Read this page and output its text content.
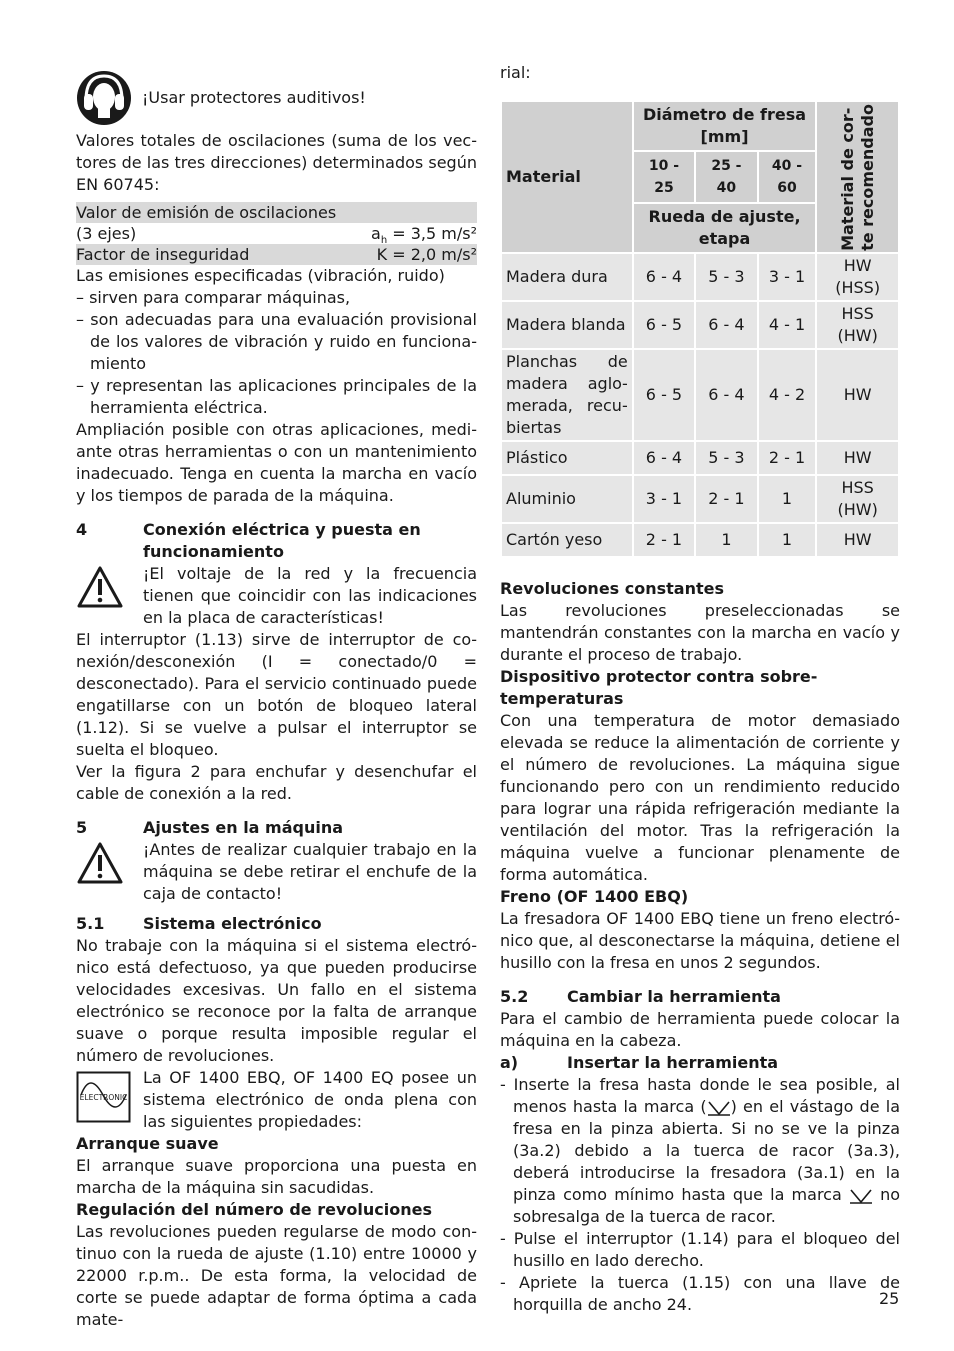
¡Usar protectores auditivos!

Valores totales de oscilaciones (suma de los vectores de las tres direcciones) determinados según EN 60745:

Valor de emisión de oscilaciones
(3 ejes)	$a_h = 3,5$ m/s²
Factor de inseguridad	K = 2,0 m/s²

Las emisiones especificadas (vibración, ruido)

– sirven para comparar máquinas,

– son adecuadas para una evaluación provisional de los valores de vibración y ruido en funcionamiento

– y representan las aplicaciones principales de la herramienta eléctrica.

Ampliación posible con otras aplicaciones, mediante otras herramientas o con un mantenimiento inadecuado. Tenga en cuenta la marcha en vacío y los tiempos de parada de la máquina.

4	Conexión eléctrica y puesta en funcionamiento

¡El voltaje de la red y la frecuencia tienen que coincidir con las indicaciones en la placa de características!

El interruptor (1.13) sirve de interruptor de conexión/desconexión (I = conectado/0 = desconectado). Para el servicio continuado puede engatillarse con un botón de bloqueo lateral (1.12). Si se vuelve a pulsar el interruptor se suelta el bloqueo.

Ver la figura 2 para enchufar y desenchufar el cable de conexión a la red.

5	Ajustes en la máquina

¡Antes de realizar cualquier trabajo en la máquina se debe retirar el enchufe de la caja de contacto!

5.1	Sistema electrónico

No trabaje con la máquina si el sistema electrónico está defectuoso, ya que pueden producirse velocidades excesivas. Un fallo en el sistema electrónico se reconoce por la falta de arranque suave o porque resulta imposible regular el número de revoluciones.

ELECTRONIC

La OF 1400 EBQ, OF 1400 EQ posee un sistema electrónico de onda plena con las siguientes propiedades:

Arranque suave

El arranque suave proporciona una puesta en marcha de la máquina sin sacudidas.

Regulación del número de revoluciones

Las revoluciones pueden regularse de modo continuo con la rueda de ajuste (1.10) entre 10000 y 22000 r.p.m.. De esta forma, la velocidad de corte se puede adaptar de forma óptima a cada mate-

rial:

Material	Diámetro de fresa [mm]			Material de cor-
te recomendado

	10 - 25	25 - 40	40 - 60	
	Rueda de ajuste, etapa			
Madera dura	6 - 4	5 - 3	3 - 1	HW (HSS)
Madera blanda	6 - 5	6 - 4	4 - 1	HSS (HW)
Planchas de madera aglomerada, recubiertas	6 - 5	6 - 4	4 - 2	HW
Plástico	6 - 4	5 - 3	2 - 1	HW
Aluminio	3 - 1	2 - 1	1	HSS (HW)
Cartón yeso	2 - 1	1	1	HW

Revoluciones constantes

Las revoluciones preseleccionadas se mantendrán constantes con la marcha en vacío y durante el proceso de trabajo.

Dispositivo protector contra sobre-temperaturas

Con una temperatura de motor demasiado elevada se reduce la alimentación de corriente y el número de revoluciones. La máquina sigue funcionando pero con un rendimiento reducido para lograr una rápida refrigeración mediante la ventilación del motor. Tras la refrigeración la máquina vuelve a funcionar plenamente de forma automática.

Freno (OF 1400 EBQ)

La fresadora OF 1400 EBQ tiene un freno electrónico que, al desconectarse la máquina, detiene el husillo con la fresa en unos 2 segundos.

5.2	Cambiar la herramienta

Para el cambio de herramienta puede colocar la máquina en la cabeza.

a)	Insertar la herramienta

- Inserte la fresa hasta donde le sea posible, al menos hasta la marca ( ) en el vástago de la fresa en la pinza abierta. Si no se ve la pinza (3a.2) debido a la tuerca de racor (3a.3), deberá introducirse la fresadora (3a.1) en la pinza como mínimo hasta que la marca  no sobresalga de la tuerca de racor.

- Pulse el interruptor (1.14) para el bloqueo del husillo en lado derecho.

- Apriete la tuerca (1.15) con una llave de horquilla de ancho 24.	25
